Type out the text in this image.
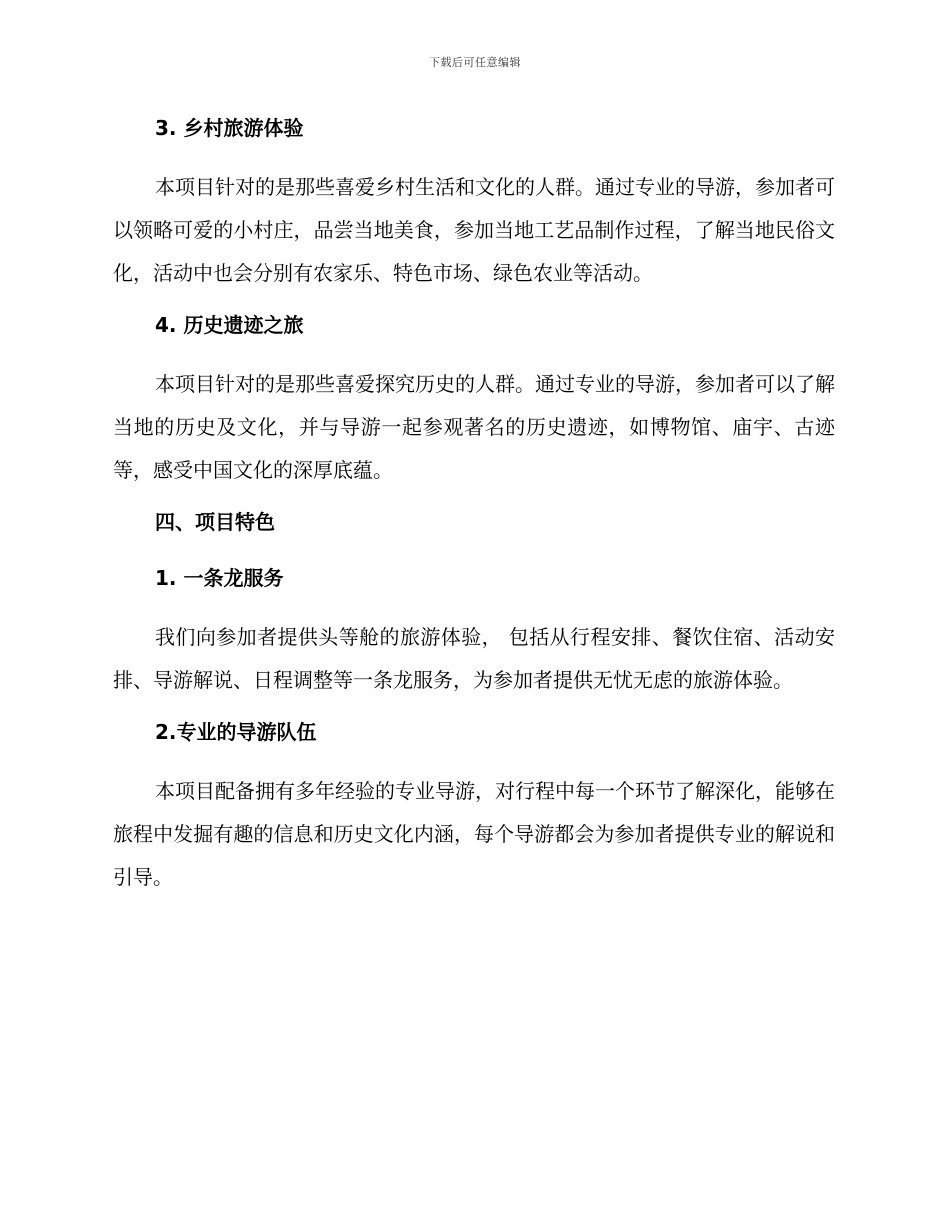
下载后可任意编辑
3. 乡村旅游体验

本项目针对的是那些喜爱乡村生活和文化的人群。通过专业的导游，参加者可以领略可爱的小村庄，品尝当地美食，参加当地工艺品制作过程，了解当地民俗文化，活动中也会分别有农家乐、特色市场、绿色农业等活动。

4. 历史遗迹之旅

本项目针对的是那些喜爱探究历史的人群。通过专业的导游，参加者可以了解当地的历史及文化，并与导游一起参观著名的历史遗迹，如博物馆、庙宇、古迹等，感受中国文化的深厚底蕴。

四、项目特色
1. 一条龙服务

我们向参加者提供头等舱的旅游体验， 包括从行程安排、餐饮住宿、活动安排、导游解说、日程调整等一条龙服务，为参加者提供无忧无虑的旅游体验。

2.专业的导游队伍

本项目配备拥有多年经验的专业导游，对行程中每一个环节了解深化，能够在旅程中发掘有趣的信息和历史文化内涵，每个导游都会为参加者提供专业的解说和引导。
